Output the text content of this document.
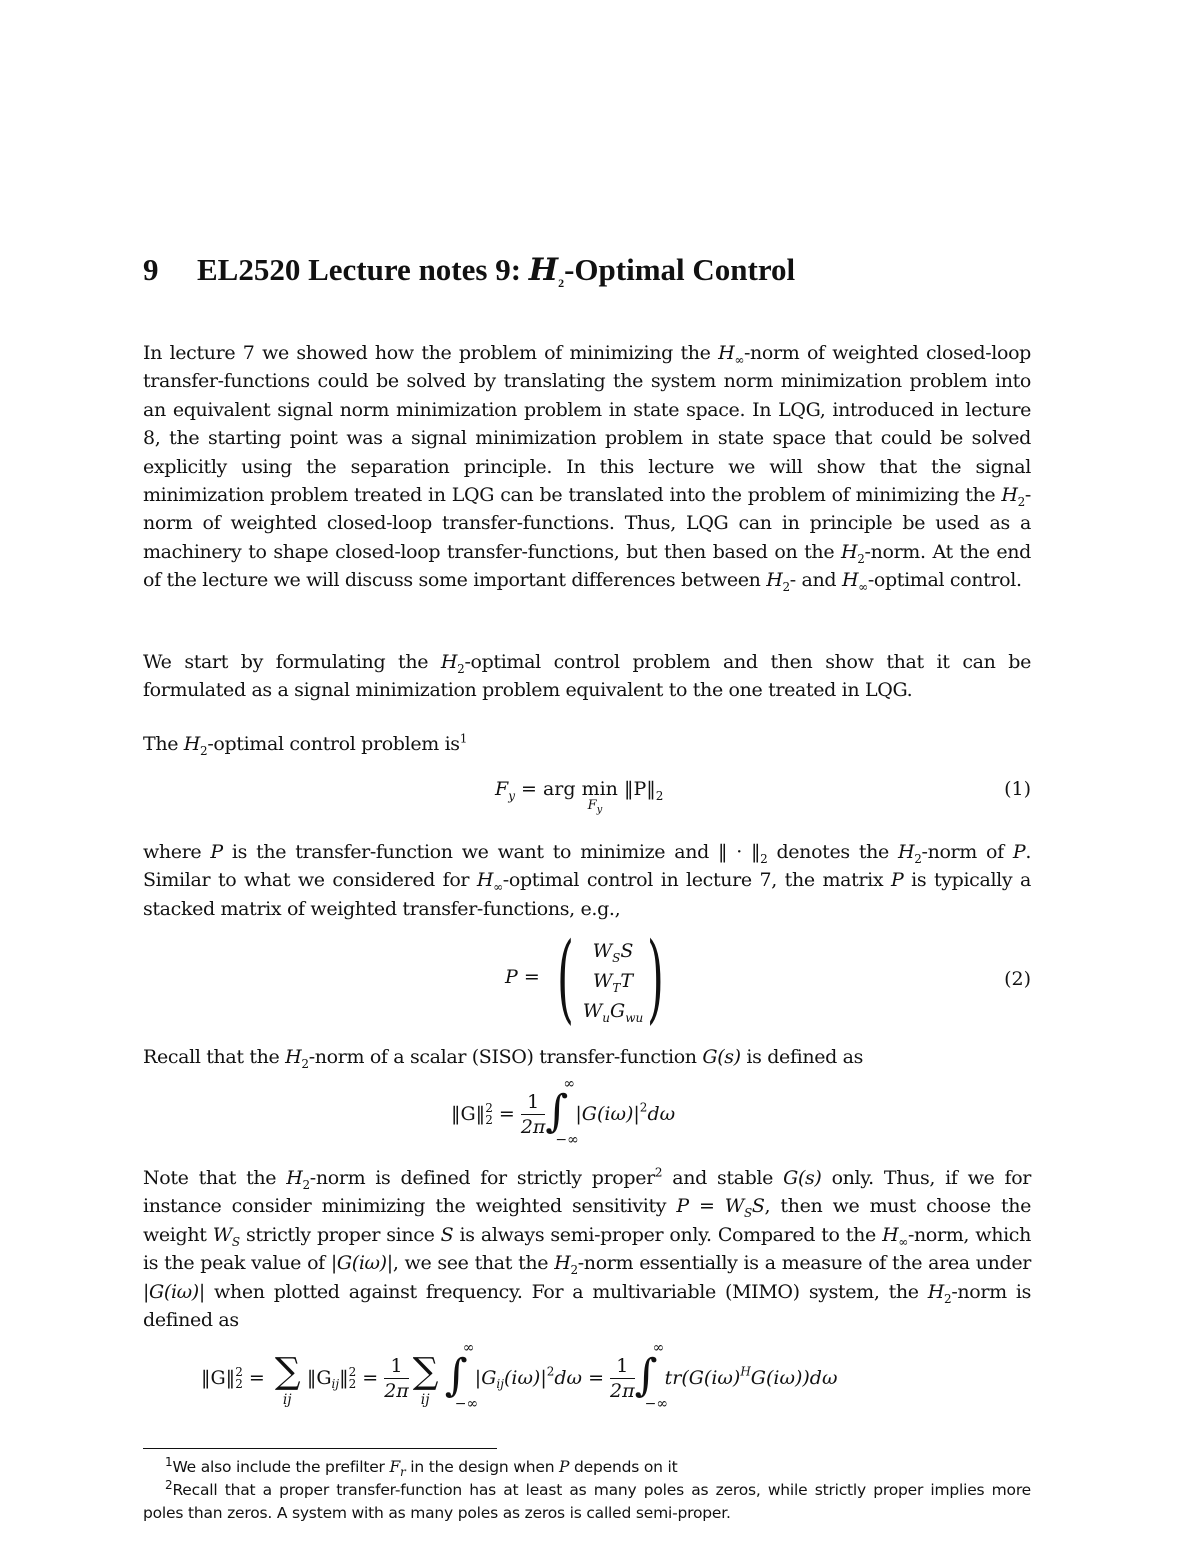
9 EL2520 Lecture notes 9: $H_2$-Optimal Control
In lecture 7 we showed how the problem of minimizing the $H_\infty$-norm of weighted closed-loop transfer-functions could be solved by translating the system norm minimization problem into an equivalent signal norm minimization problem in state space. In LQG, introduced in lecture 8, the starting point was a signal minimization problem in state space that could be solved explicitly using the separation principle. In this lecture we will show that the signal minimization problem treated in LQG can be translated into the problem of minimizing the $H_2$-norm of weighted closed-loop transfer-functions. Thus, LQG can in principle be used as a machinery to shape closed-loop transfer-functions, but then based on the $H_2$-norm. At the end of the lecture we will discuss some important differences between $H_2-$ and $H_\infty$-optimal control.
We start by formulating the $H_2$-optimal control problem and then show that it can be formulated as a signal minimization problem equivalent to the one treated in LQG.
The $H_2$-optimal control problem $is^1$
$F_y$ = arg min
$F_y$
$‖P‖_2$	(1)
where P is the transfer-function we want to minimize and ‖ · $‖_2$ denotes the $H_2$-norm of P. Similar to what we considered for $H_\infty$-optimal control in lecture 7, the matrix P is typically a stacked matrix of weighted transfer-functions, e.g.,
P = ( $W_SS$
$W_TT$
$W_uG_{wu}$ )	(2)
Recall that the $H_2$-norm of a scalar (SISO) transfer-function G(s) is defined as
‖G‖ 2
$2 = \frac{1}{2\pi}$ ∫
∞
−∞
$|G(i\omega)|^2d\omega$
Note that the $H_2$-norm is defined for strictly proper$^2$ and stable G(s) only. Thus, if we for instance consider minimizing the weighted sensitivity $P = W_SS$, then we must choose the weight $W_S$ strictly proper since S is always semi-proper only. Compared to the $H_\infty$-norm, which is the peak value of |G(iω)|, we see that the $H_2$-norm essentially is a measure of the area under |G(iω)| when plotted against frequency. For a multivariable (MIMO) system, the $H_2$-norm is defined as
‖G‖ 2
2 = ∑
ij
$‖G_{ij}‖$ 2
$2 = \frac{1}{2\pi}$ ∑
ij ∫
∞
−∞
$|G_{ij}(i\omega)|^2d\omega = \frac{1}{2\pi}$ ∫
∞
−∞
$tr(G(i\omega)^HG(i\omega))d\omega$
$^1$We also include the prefilter $F_r$ in the design when P depends on it
$^2$Recall that a proper transfer-function has at least as many poles as zeros, while strictly proper implies more poles than zeros. A system with as many poles as zeros is called semi-proper.
